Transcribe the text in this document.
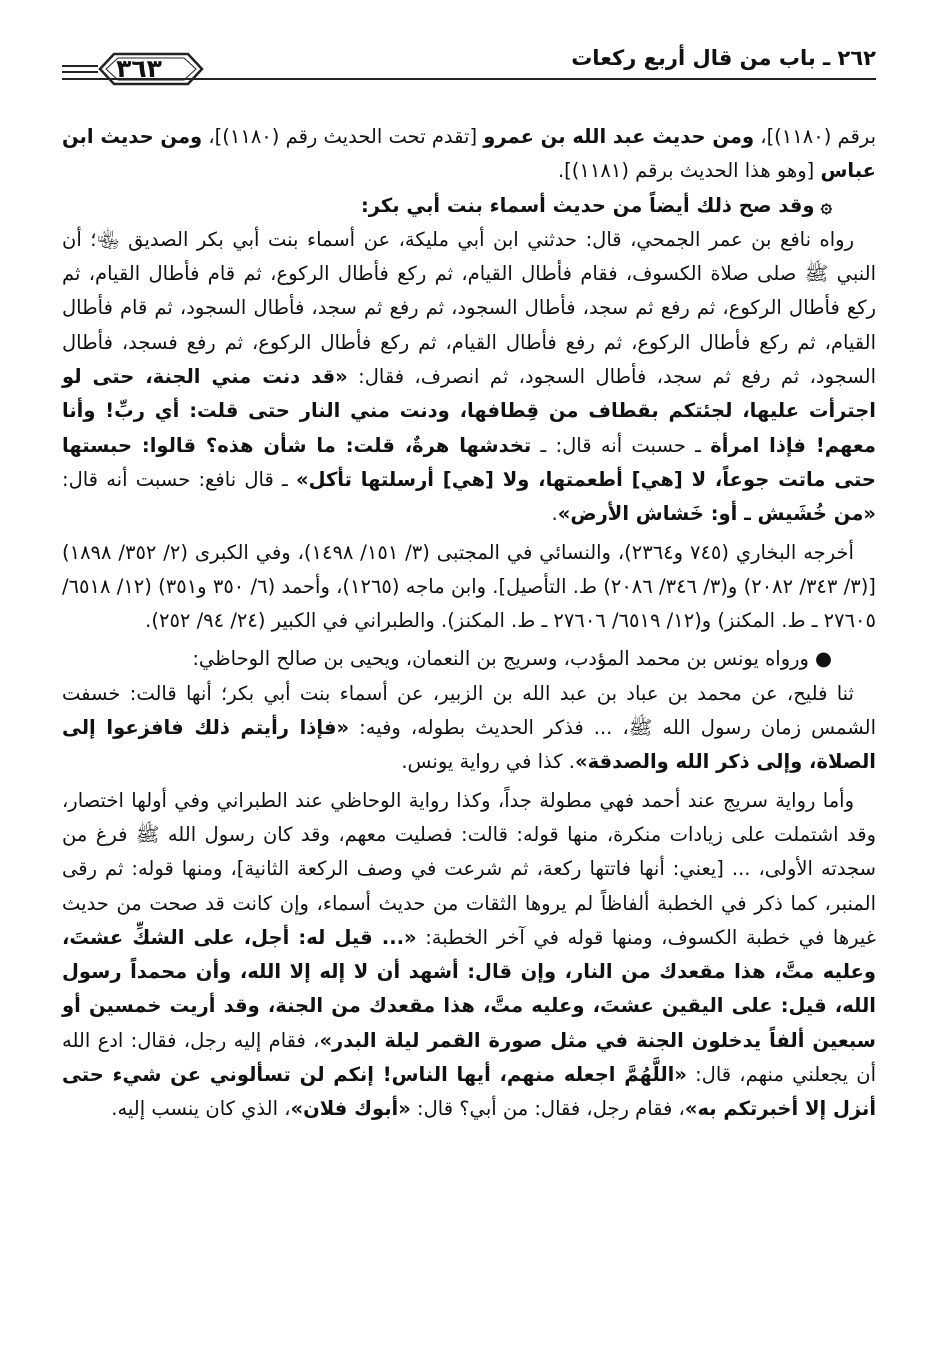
٢٦٢ ـ باب من قال أربع ركعات
٣٦٣

برقم (١١٨٠)]، ومن حديث عبد الله بن عمرو [تقدم تحت الحديث رقم (١١٨٠)]، ومن حديث ابن عباس [وهو هذا الحديث برقم (١١٨١)].

۞وقد صح ذلك أيضاً من حديث أسماء بنت أبي بكر:

رواه نافع بن عمر الجمحي، قال: حدثني ابن أبي مليكة، عن أسماء بنت أبي بكر الصديق ﵄؛ أن النبي ﷺ صلى صلاة الكسوف، فقام فأطال القيام، ثم ركع فأطال الركوع، ثم قام فأطال القيام، ثم ركع فأطال الركوع، ثم رفع ثم سجد، فأطال السجود، ثم رفع ثم سجد، فأطال السجود، ثم قام فأطال القيام، ثم ركع فأطال الركوع، ثم رفع فأطال القيام، ثم ركع فأطال الركوع، ثم رفع فسجد، فأطال السجود، ثم رفع ثم سجد، فأطال السجود، ثم انصرف، فقال: «قد دنت مني الجنة، حتى لو اجترأت عليها، لجئتكم بقطاف من قِطافها، ودنت مني النار حتى قلت: أي ربِّ! وأنا معهم! فإذا امرأة ـ حسبت أنه قال: ـ تخدشها هرةٌ، قلت: ما شأن هذه؟ قالوا: حبستها حتى ماتت جوعاً، لا [هي] أطعمتها، ولا [هي] أرسلتها تأكل» ـ قال نافع: حسبت أنه قال: «من خُشَيش ـ أو: خَشاش الأرض».

أخرجه البخاري (٧٤٥ و٢٣٦٤)، والنسائي في المجتبى (٣/ ١٥١/ ١٤٩٨)، وفي الكبرى (٢/ ٣٥٢/ ١٨٩٨) [(٣/ ٣٤٣/ ٢٠٨٢) و(٣/ ٣٤٦/ ٢٠٨٦) ط. التأصيل]. وابن ماجه (١٢٦٥)، وأحمد (٦/ ٣٥٠ و٣٥١) (١٢/ ٦٥١٨/ ٢٧٦٠٥ ـ ط. المكنز) و(١٢/ ٦٥١٩/ ٢٧٦٠٦ ـ ط. المكنز). والطبراني في الكبير (٢٤/ ٩٤/ ٢٥٢).

●ورواه يونس بن محمد المؤدب، وسريج بن النعمان، ويحيى بن صالح الوحاظي:

ثنا فليح، عن محمد بن عباد بن عبد الله بن الزبير، عن أسماء بنت أبي بكر؛ أنها قالت: خسفت الشمس زمان رسول الله ﷺ، ... فذكر الحديث بطوله، وفيه: «فإذا رأيتم ذلك فافزعوا إلى الصلاة، وإلى ذكر الله والصدقة». كذا في رواية يونس.

وأما رواية سريج عند أحمد فهي مطولة جداً، وكذا رواية الوحاظي عند الطبراني وفي أولها اختصار، وقد اشتملت على زيادات منكرة، منها قوله: قالت: فصليت معهم، وقد كان رسول الله ﷺ فرغ من سجدته الأولى، ... [يعني: أنها فاتتها ركعة، ثم شرعت في وصف الركعة الثانية]، ومنها قوله: ثم رقى المنبر، كما ذكر في الخطبة ألفاظاً لم يروها الثقات من حديث أسماء، وإن كانت قد صحت من حديث غيرها في خطبة الكسوف، ومنها قوله في آخر الخطبة: «... قيل له: أجل، على الشكِّ عشتَ، وعليه متَّ، هذا مقعدك من النار، وإن قال: أشهد أن لا إله إلا الله، وأن محمداً رسول الله، قيل: على اليقين عشتَ، وعليه متَّ، هذا مقعدك من الجنة، وقد أريت خمسين أو سبعين ألفاً يدخلون الجنة في مثل صورة القمر ليلة البدر»، فقام إليه رجل، فقال: ادع الله أن يجعلني منهم، قال: «اللَّهُمَّ اجعله منهم، أيها الناس! إنكم لن تسألوني عن شيء حتى أنزل إلا أخبرتكم به»، فقام رجل، فقال: من أبي؟ قال: «أبوك فلان»، الذي كان ينسب إليه.
